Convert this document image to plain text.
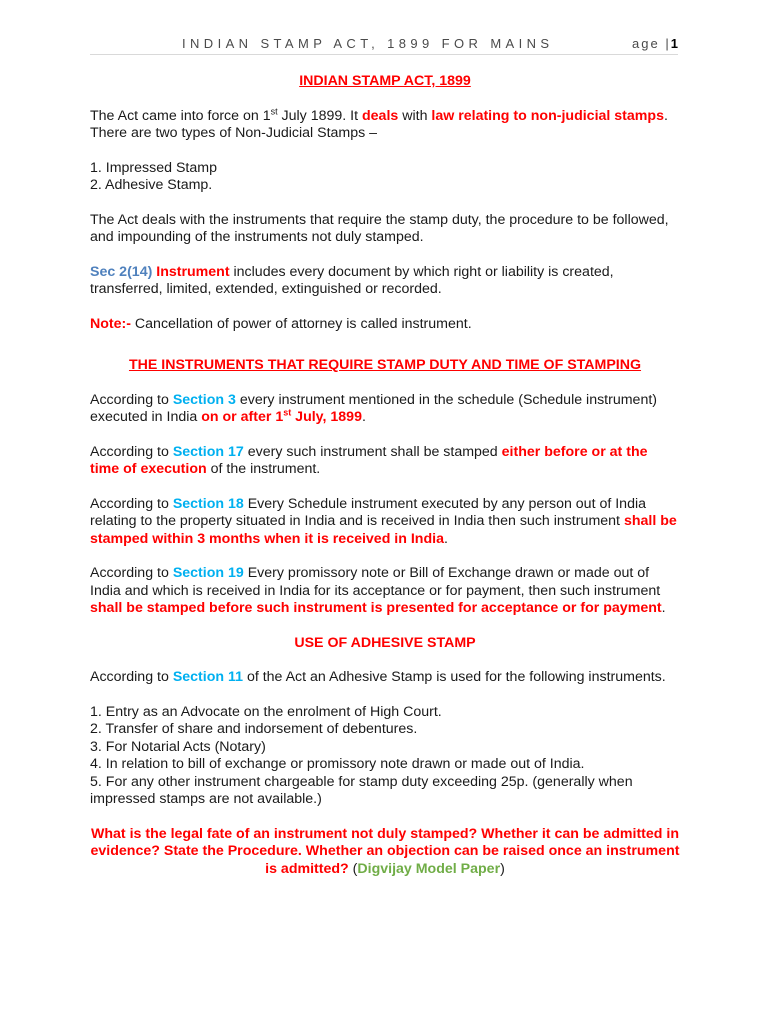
INDIAN STAMP ACT, 1899 FOR MAINS	age |1

INDIAN STAMP ACT, 1899

The Act came into force on 1st July 1899. It deals with law relating to non-judicial stamps. There are two types of Non-Judicial Stamps –

1. Impressed Stamp
2. Adhesive Stamp.

The Act deals with the instruments that require the stamp duty, the procedure to be followed, and impounding of the instruments not duly stamped.

Sec 2(14) Instrument includes every document by which right or liability is created, transferred, limited, extended, extinguished or recorded.

Note:- Cancellation of power of attorney is called instrument.

THE INSTRUMENTS THAT REQUIRE STAMP DUTY AND TIME OF STAMPING

According to Section 3 every instrument mentioned in the schedule (Schedule instrument) executed in India on or after 1st July, 1899.

According to Section 17 every such instrument shall be stamped either before or at the time of execution of the instrument.

According to Section 18 Every Schedule instrument executed by any person out of India relating to the property situated in India and is received in India then such instrument shall be stamped within 3 months when it is received in India.

According to Section 19 Every promissory note or Bill of Exchange drawn or made out of India and which is received in India for its acceptance or for payment, then such instrument shall be stamped before such instrument is presented for acceptance or for payment.

USE OF ADHESIVE STAMP

According to Section 11 of the Act an Adhesive Stamp is used for the following instruments.

1. Entry as an Advocate on the enrolment of High Court.
2. Transfer of share and indorsement of debentures.
3. For Notarial Acts (Notary)
4. In relation to bill of exchange or promissory note drawn or made out of India.
5. For any other instrument chargeable for stamp duty exceeding 25p. (generally when impressed stamps are not available.)

What is the legal fate of an instrument not duly stamped? Whether it can be admitted in evidence? State the Procedure. Whether an objection can be raised once an instrument is admitted? (Digvijay Model Paper)
